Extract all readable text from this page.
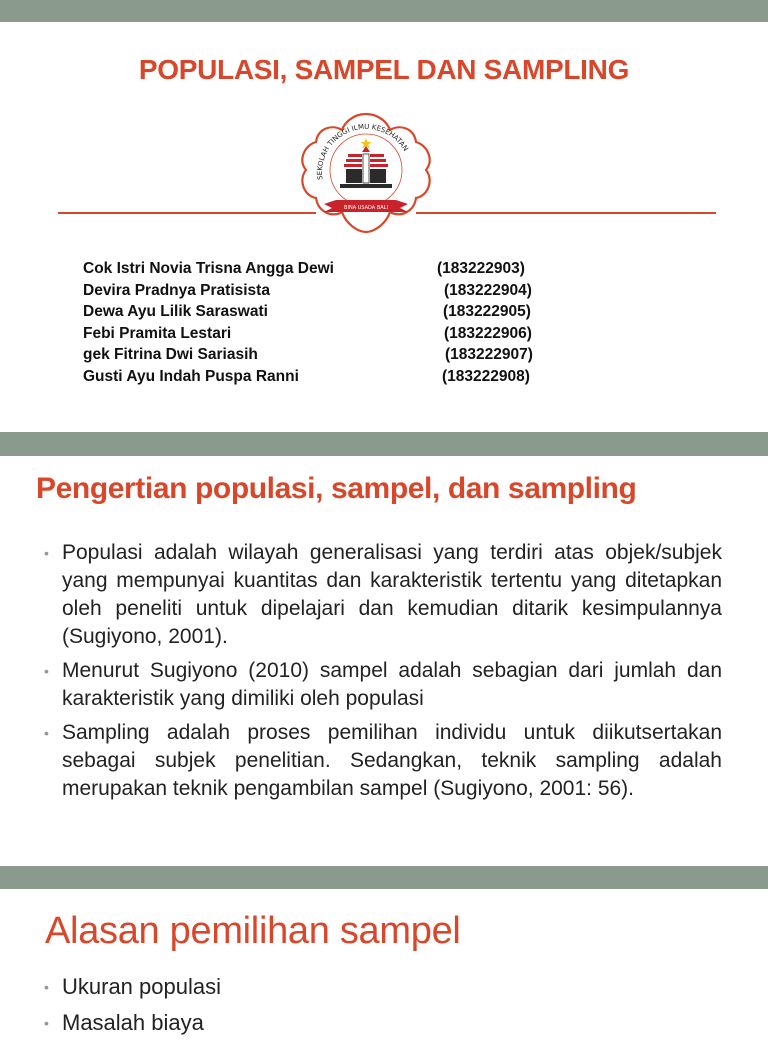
POPULASI, SAMPEL DAN SAMPLING
SEKOLAH TINGGI ILMU KESEHATAN
BINA USADA BALI
Cok Istri Novia Trisna Angga Dewi	(183222903)
Devira Pradnya Pratisista	(183222904)
Dewa Ayu Lilik Saraswati	(183222905)
Febi Pramita Lestari	(183222906)
gek Fitrina Dwi Sariasih	(183222907)
Gusti Ayu Indah Puspa Ranni	(183222908)
Pengertian populasi, sampel, dan sampling
• Populasi adalah wilayah generalisasi yang terdiri atas objek/subjek yang mempunyai kuantitas dan karakteristik tertentu yang ditetapkan oleh peneliti untuk dipelajari dan kemudian ditarik kesimpulannya (Sugiyono, 2001).
• Menurut Sugiyono (2010) sampel adalah sebagian dari jumlah dan karakteristik yang dimiliki oleh populasi
• Sampling adalah proses pemilihan individu untuk diikutsertakan sebagai subjek penelitian. Sedangkan, teknik sampling adalah merupakan teknik pengambilan sampel (Sugiyono, 2001: 56).
Alasan pemilihan sampel
• Ukuran populasi
• Masalah biaya
